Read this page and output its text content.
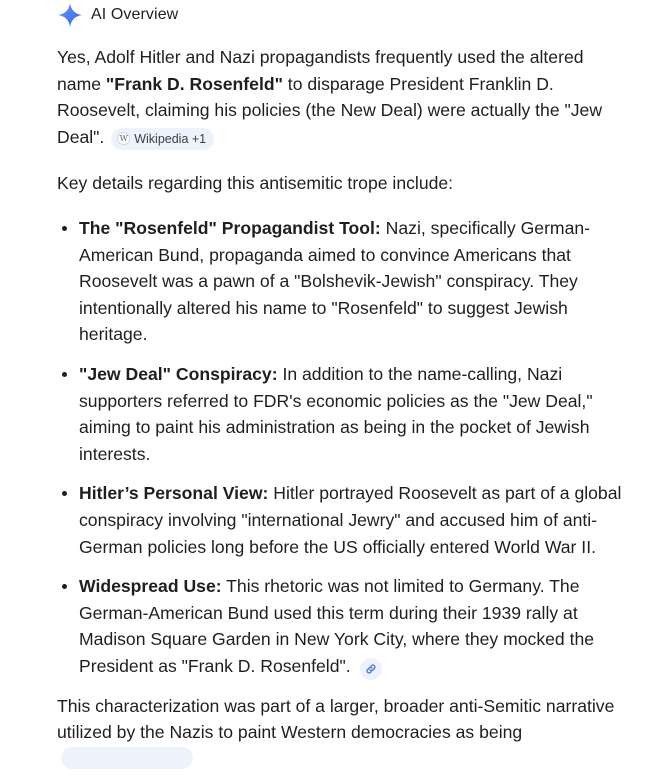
AI Overview

Yes, Adolf Hitler and Nazi propagandists frequently used the altered name "Frank D. Rosenfeld" to disparage President Franklin D. Roosevelt, claiming his policies (the New Deal) were actually the "Jew Deal". W Wikipedia +1

Key details regarding this antisemitic trope include:

• The "Rosenfeld" Propagandist Tool: Nazi, specifically German-American Bund, propaganda aimed to convince Americans that Roosevelt was a pawn of a "Bolshevik-Jewish" conspiracy. They intentionally altered his name to "Rosenfeld" to suggest Jewish heritage.
• "Jew Deal" Conspiracy: In addition to the name-calling, Nazi supporters referred to FDR's economic policies as the "Jew Deal," aiming to paint his administration as being in the pocket of Jewish interests.
• Hitler’s Personal View: Hitler portrayed Roosevelt as part of a global conspiracy involving "international Jewry" and accused him of anti-German policies long before the US officially entered World War II.
• Widespread Use: This rhetoric was not limited to Germany. The German-American Bund used this term during their 1939 rally at Madison Square Garden in New York City, where they mocked the President as "Frank D. Rosenfeld".

This characterization was part of a larger, broader anti-Semitic narrative utilized by the Nazis to paint Western democracies as being
